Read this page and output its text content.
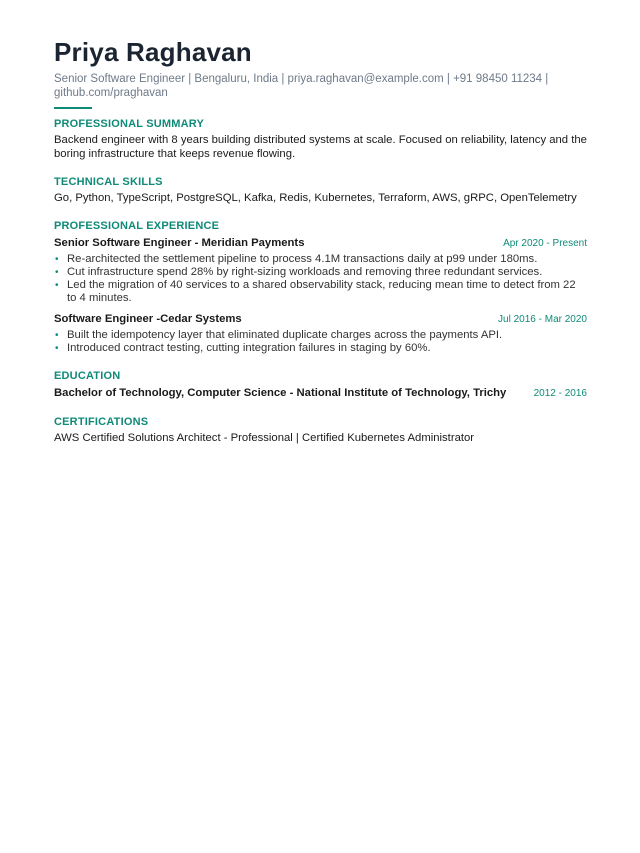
Priya Raghavan
Senior Software Engineer | Bengaluru, India | priya.raghavan@example.com | +91 98450 11234 | github.com/praghavan
PROFESSIONAL SUMMARY
Backend engineer with 8 years building distributed systems at scale. Focused on reliability, latency and the boring infrastructure that keeps revenue flowing.
TECHNICAL SKILLS
Go, Python, TypeScript, PostgreSQL, Kafka, Redis, Kubernetes, Terraform, AWS, gRPC, OpenTelemetry
PROFESSIONAL EXPERIENCE
Senior Software Engineer - Meridian Payments	Apr 2020 - Present
• Re-architected the settlement pipeline to process 4.1M transactions daily at p99 under 180ms.
• Cut infrastructure spend 28% by right-sizing workloads and removing three redundant services.
• Led the migration of 40 services to a shared observability stack, reducing mean time to detect from 22 to 4 minutes.
Software Engineer -Cedar Systems	Jul 2016 - Mar 2020
• Built the idempotency layer that eliminated duplicate charges across the payments API.
• Introduced contract testing, cutting integration failures in staging by 60%.
EDUCATION
Bachelor of Technology, Computer Science - National Institute of Technology, Trichy	2012 - 2016
CERTIFICATIONS
AWS Certified Solutions Architect - Professional | Certified Kubernetes Administrator
